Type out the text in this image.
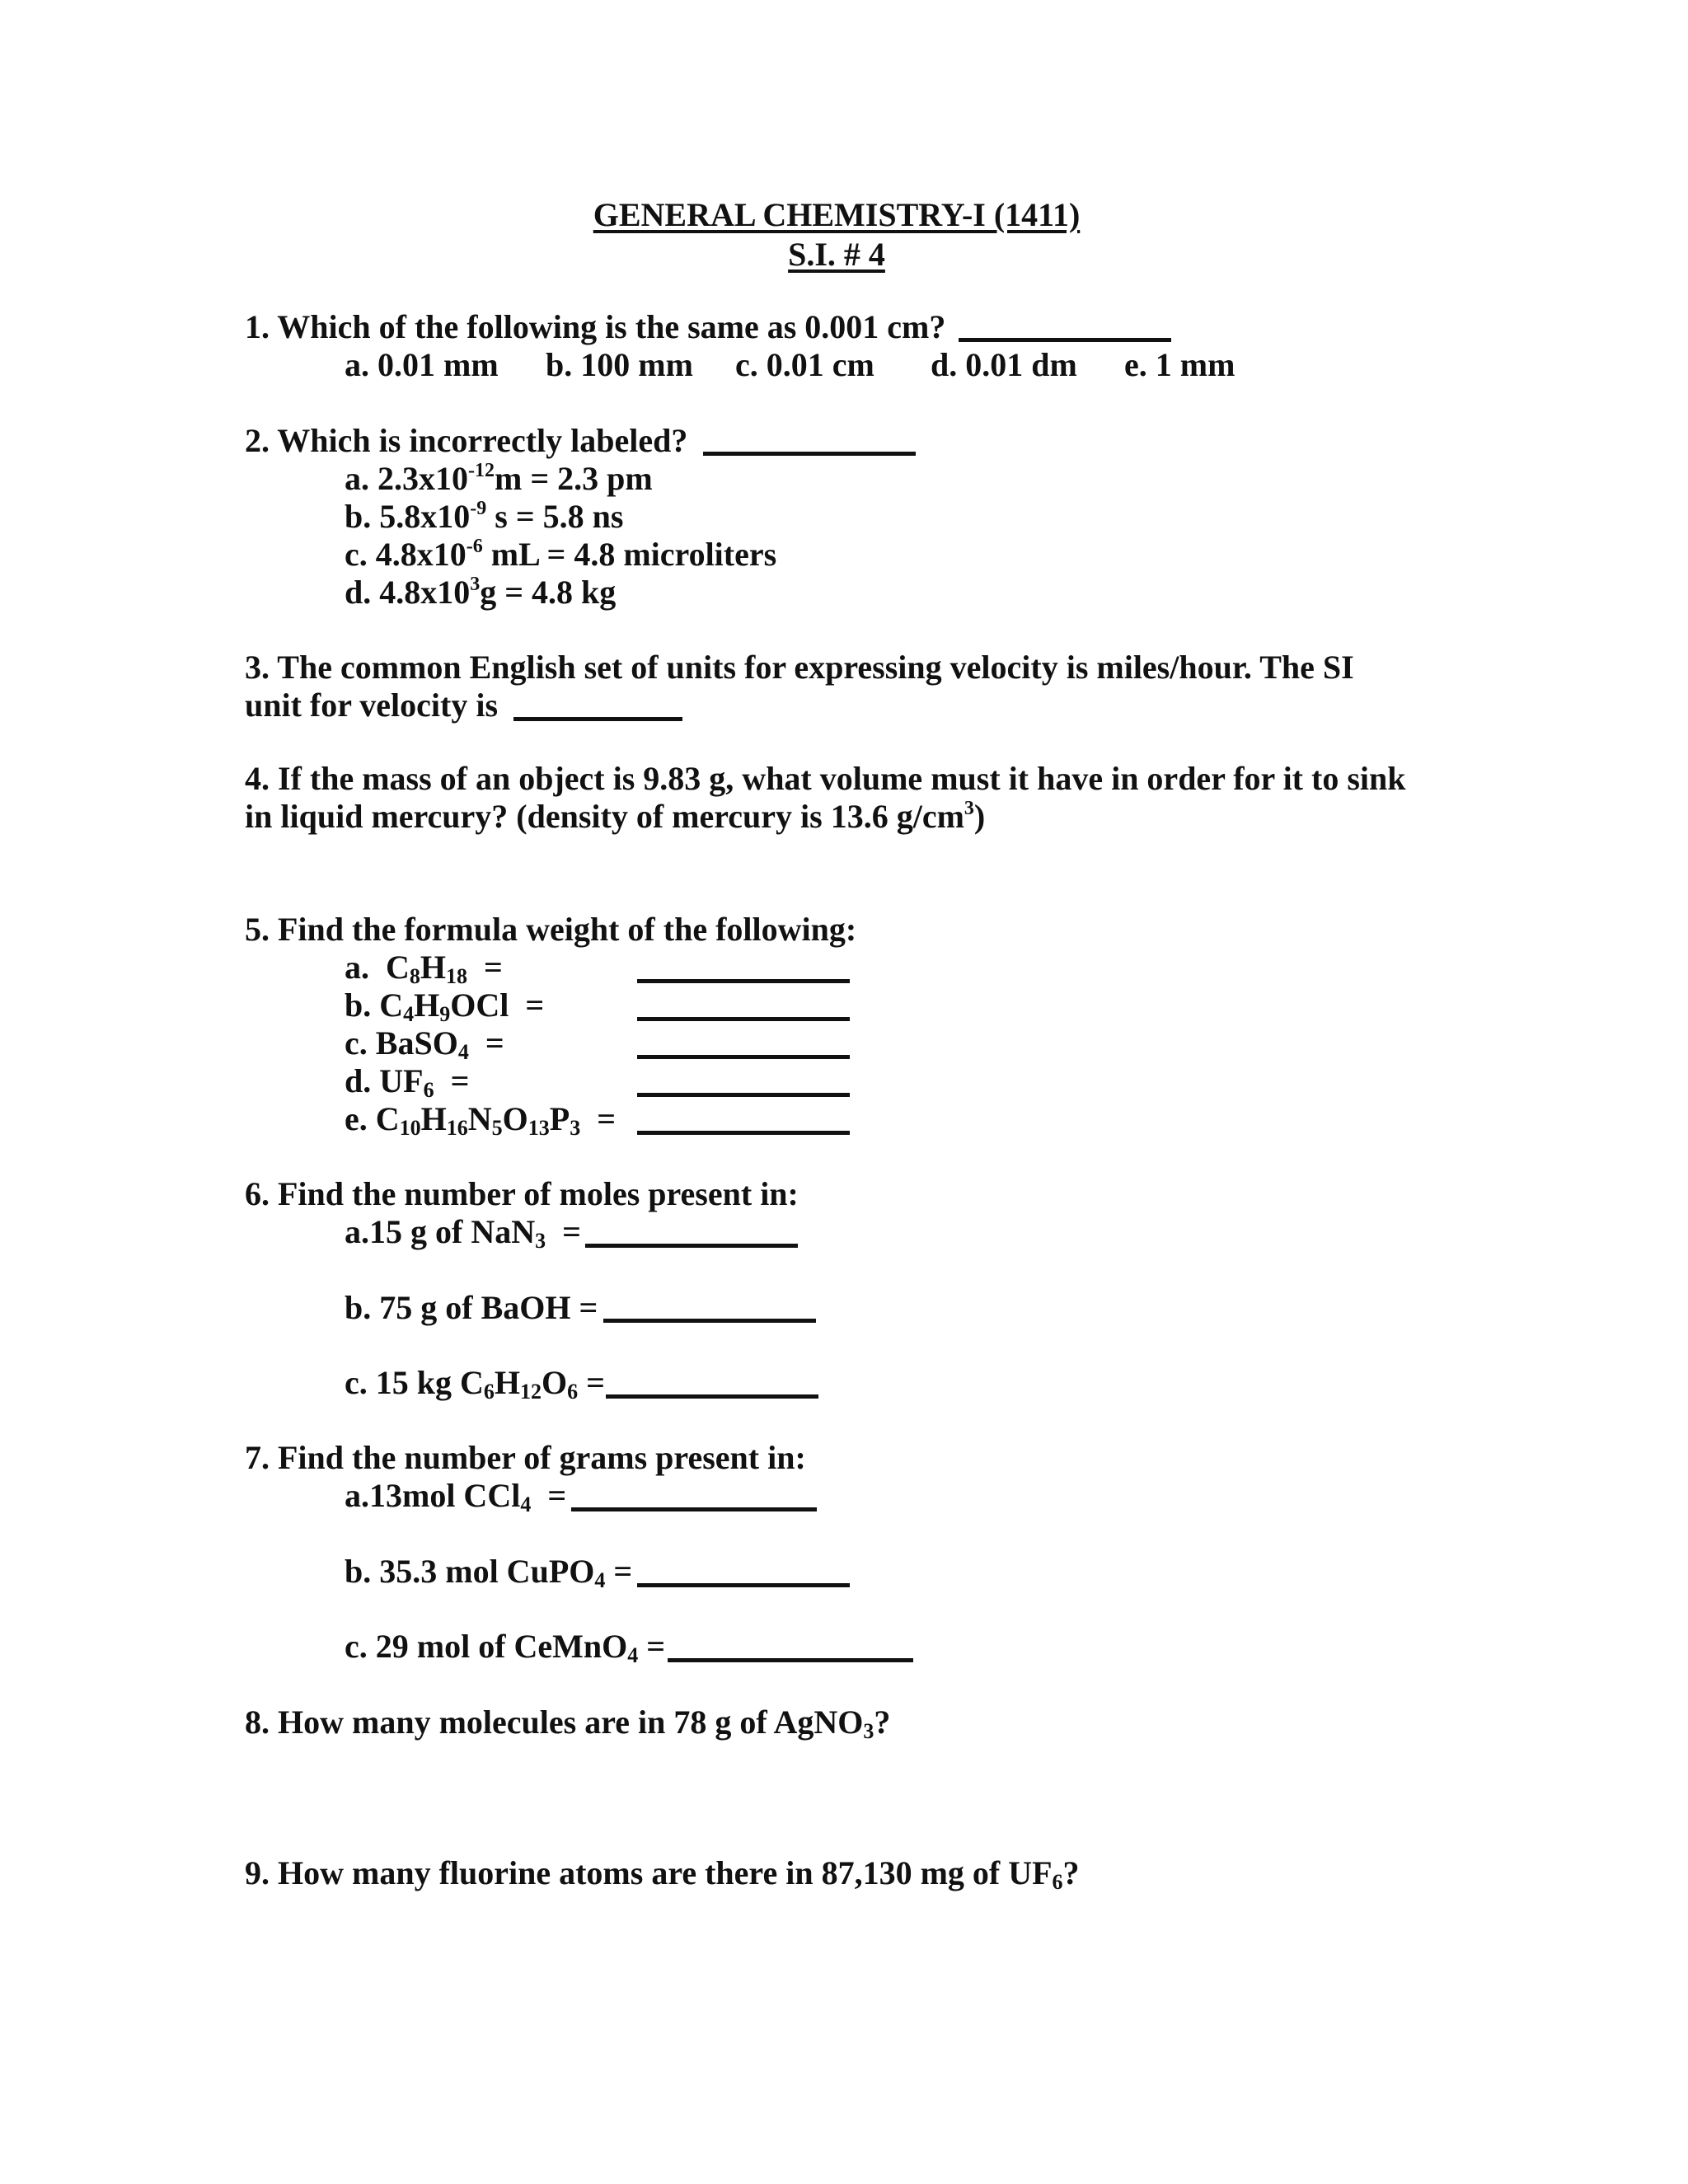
GENERAL CHEMISTRY-I (1411)
S.I. # 4
1. Which of the following is the same as 0.001 cm?
a. 0.01 mm b. 100 mm c. 0.01 cm d. 0.01 dm e. 1 mm
2. Which is incorrectly labeled?
a. $2.3x10^{-12}m = 2.3$ pm
b. $5.8x10^{-9}$ s = 5.8 ns
c. $4.8x10^{-6}$ mL = 4.8 microliters
d. $4.8x10^3g = 4.8$ kg
3. The common English set of units for expressing velocity is miles/hour. The SI
unit for velocity is
4. If the mass of an object is 9.83 g, what volume must it have in order for it to sink
in liquid mercury? (density of mercury is 13.6 $g/cm^3$)
5. Find the formula weight of the following:
a.  $C_8H_{18}$ =
b. $C_4H_9OCl$  =
c. BaSO$_4$ =
d. $UF_6$ =
e. $C_{10}H_{16}N_5O_{13}P_3$ =
6. Find the number of moles present in:
a.15 g of NaN$_3$  =
b. 75 g of BaOH =
c. 15 kg $C_6H_{12}O_6$ =
7. Find the number of grams present in:
a.13mol CCl$_4$  =
b. 35.3 mol CuPO$_4$ =
c. 29 mol of CeMnO$_4$ =
8. How many molecules are in 78 g of AgNO$_3$?
9. How many fluorine atoms are there in 87,130 mg of $UF_6$?
